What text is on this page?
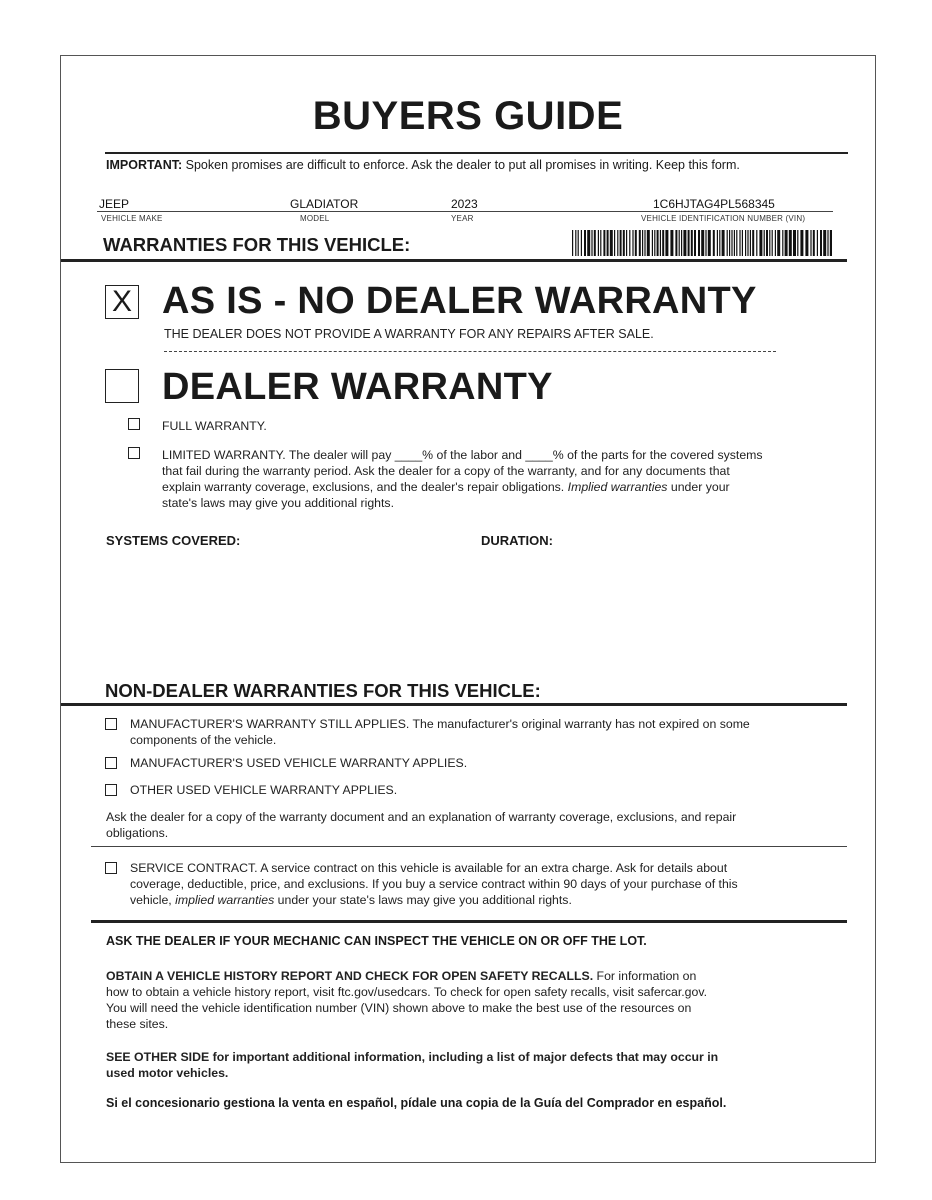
BUYERS GUIDE
IMPORTANT: Spoken promises are difficult to enforce. Ask the dealer to put all promises in writing. Keep this form.
JEEP	GLADIATOR	2023	1C6HJTAG4PL568345
VEHICLE MAKE	MODEL	YEAR	VEHICLE IDENTIFICATION NUMBER (VIN)
WARRANTIES FOR THIS VEHICLE:
X AS IS - NO DEALER WARRANTY
THE DEALER DOES NOT PROVIDE A WARRANTY FOR ANY REPAIRS AFTER SALE.
DEALER WARRANTY
FULL WARRANTY.
LIMITED WARRANTY. The dealer will pay ____% of the labor and ____% of the parts for the covered systems
that fail during the warranty period. Ask the dealer for a copy of the warranty, and for any documents that
explain warranty coverage, exclusions, and the dealer's repair obligations. Implied warranties under your
state's laws may give you additional rights.
SYSTEMS COVERED:	DURATION:
NON-DEALER WARRANTIES FOR THIS VEHICLE:
MANUFACTURER'S WARRANTY STILL APPLIES. The manufacturer's original warranty has not expired on some
components of the vehicle.
MANUFACTURER'S USED VEHICLE WARRANTY APPLIES.
OTHER USED VEHICLE WARRANTY APPLIES.
Ask the dealer for a copy of the warranty document and an explanation of warranty coverage, exclusions, and repair
obligations.
SERVICE CONTRACT. A service contract on this vehicle is available for an extra charge. Ask for details about
coverage, deductible, price, and exclusions. If you buy a service contract within 90 days of your purchase of this
vehicle, implied warranties under your state's laws may give you additional rights.
ASK THE DEALER IF YOUR MECHANIC CAN INSPECT THE VEHICLE ON OR OFF THE LOT.
OBTAIN A VEHICLE HISTORY REPORT AND CHECK FOR OPEN SAFETY RECALLS. For information on
how to obtain a vehicle history report, visit ftc.gov/usedcars. To check for open safety recalls, visit safercar.gov.
You will need the vehicle identification number (VIN) shown above to make the best use of the resources on
these sites.
SEE OTHER SIDE for important additional information, including a list of major defects that may occur in
used motor vehicles.
Si el concesionario gestiona la venta en español, pídale una copia de la Guía del Comprador en español.
